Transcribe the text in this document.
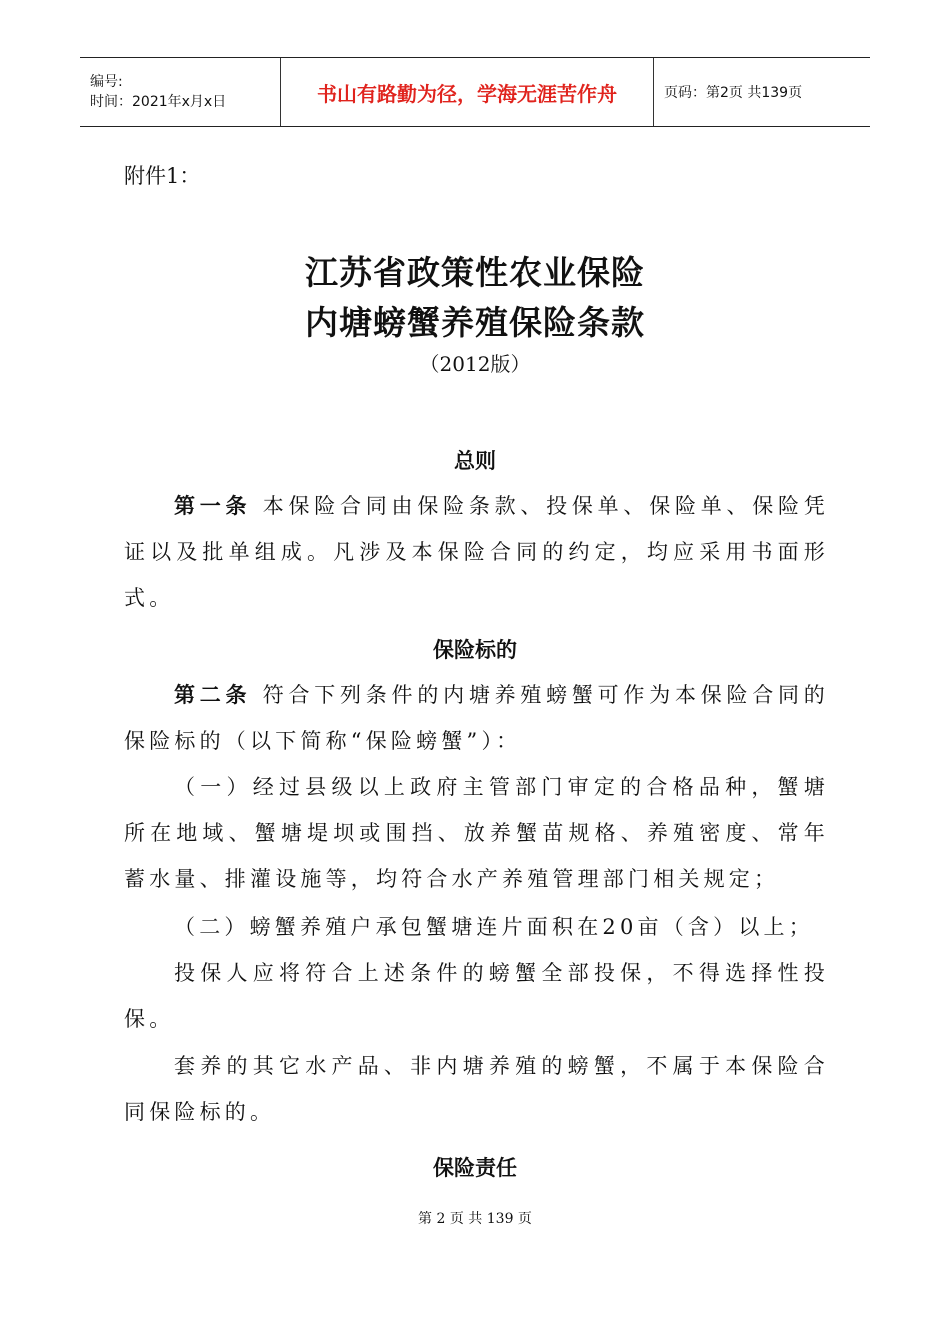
编号:
时间：2021年x月x日	书山有路勤为径，学海无涯苦作舟	页码：第2页 共139页
附件1：
江苏省政策性农业保险
内塘螃蟹养殖保险条款
（2012版）
总则
第一条 本保险合同由保险条款、投保单、保险单、保险凭证以及批单组成。凡涉及本保险合同的约定，均应采用书面形式。
保险标的
第二条 符合下列条件的内塘养殖螃蟹可作为本保险合同的保险标的（以下简称“保险螃蟹”）：
（一）经过县级以上政府主管部门审定的合格品种，蟹塘所在地域、蟹塘堤坝或围挡、放养蟹苗规格、养殖密度、常年蓄水量、排灌设施等，均符合水产养殖管理部门相关规定；
（二）螃蟹养殖户承包蟹塘连片面积在20亩（含）以上；
投保人应将符合上述条件的螃蟹全部投保，不得选择性投保。
套养的其它水产品、非内塘养殖的螃蟹，不属于本保险合同保险标的。
保险责任
第 2 页 共 139 页
